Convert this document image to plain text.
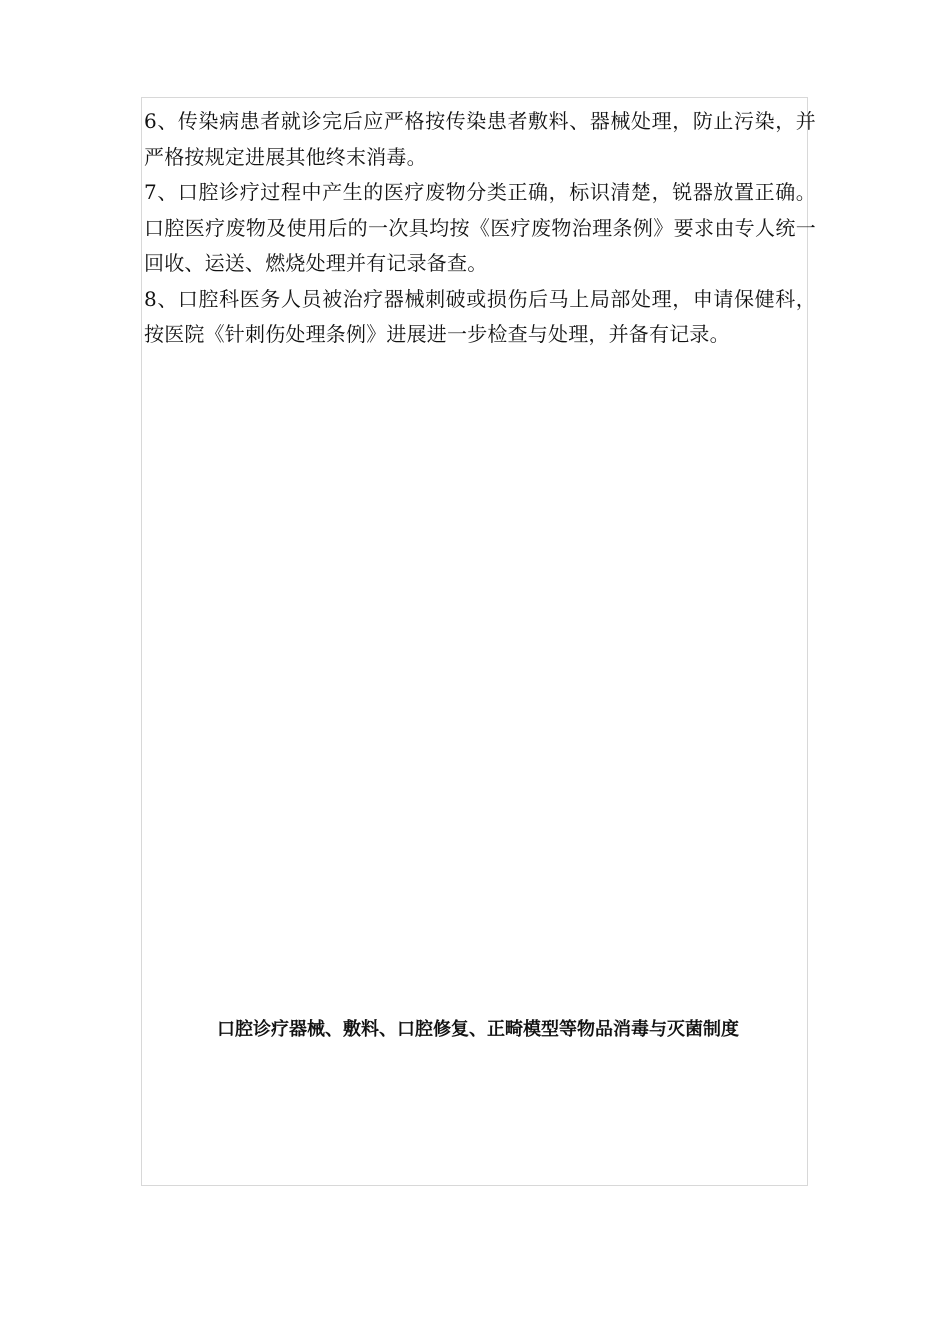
6、传染病患者就诊完后应严格按传染患者敷料、器械处理，防止污染，并严格按规定进展其他终末消毒。

7、口腔诊疗过程中产生的医疗废物分类正确，标识清楚，锐器放置正确。口腔医疗废物及使用后的一次具均按《医疗废物治理条例》要求由专人统一回收、运送、燃烧处理并有记录备查。

8、口腔科医务人员被治疗器械刺破或损伤后马上局部处理，申请保健科，按医院《针刺伤处理条例》进展进一步检查与处理，并备有记录。

口腔诊疗器械、敷料、口腔修复、正畸模型等物品消毒与灭菌制度
